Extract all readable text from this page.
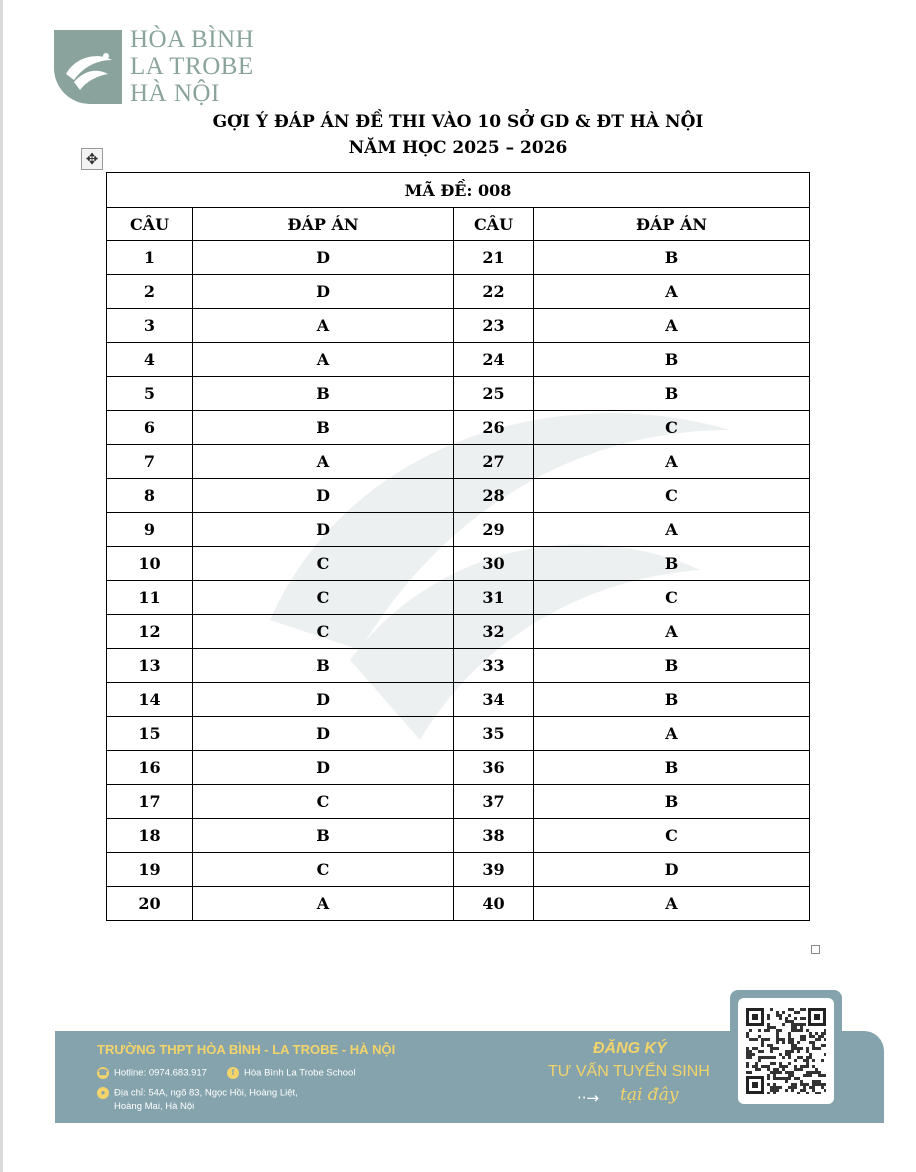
HÒA BÌNH
LA TROBE
HÀ NỘI
GỢI Ý ĐÁP ÁN ĐỀ THI VÀO 10 SỞ GD & ĐT HÀ NỘI
NĂM HỌC 2025 – 2026
✥
MÃ ĐỀ: 008			
CÂU	ĐÁP ÁN	CÂU	ĐÁP ÁN
1	D	21	B
2	D	22	A
3	A	23	A
4	A	24	B
5	B	25	B
6	B	26	C
7	A	27	A
8	D	28	C
9	D	29	A
10	C	30	B
11	C	31	C
12	C	32	A
13	B	33	B
14	D	34	B
15	D	35	A
16	D	36	B
17	C	37	B
18	B	38	C
19	C	39	D
20	A	40	A
TRƯỜNG THPT HÒA BÌNH - LA TROBE - HÀ NỘI
☎ Hotline: 0974.683.917	f Hòa Bình La Trobe School
● Địa chỉ: 54A, ngõ 83, Ngọc Hồi, Hoàng Liệt,
Hoàng Mai, Hà Nội
ĐĂNG KÝ
TƯ VẤN TUYỂN SINH
··→ tại đây
